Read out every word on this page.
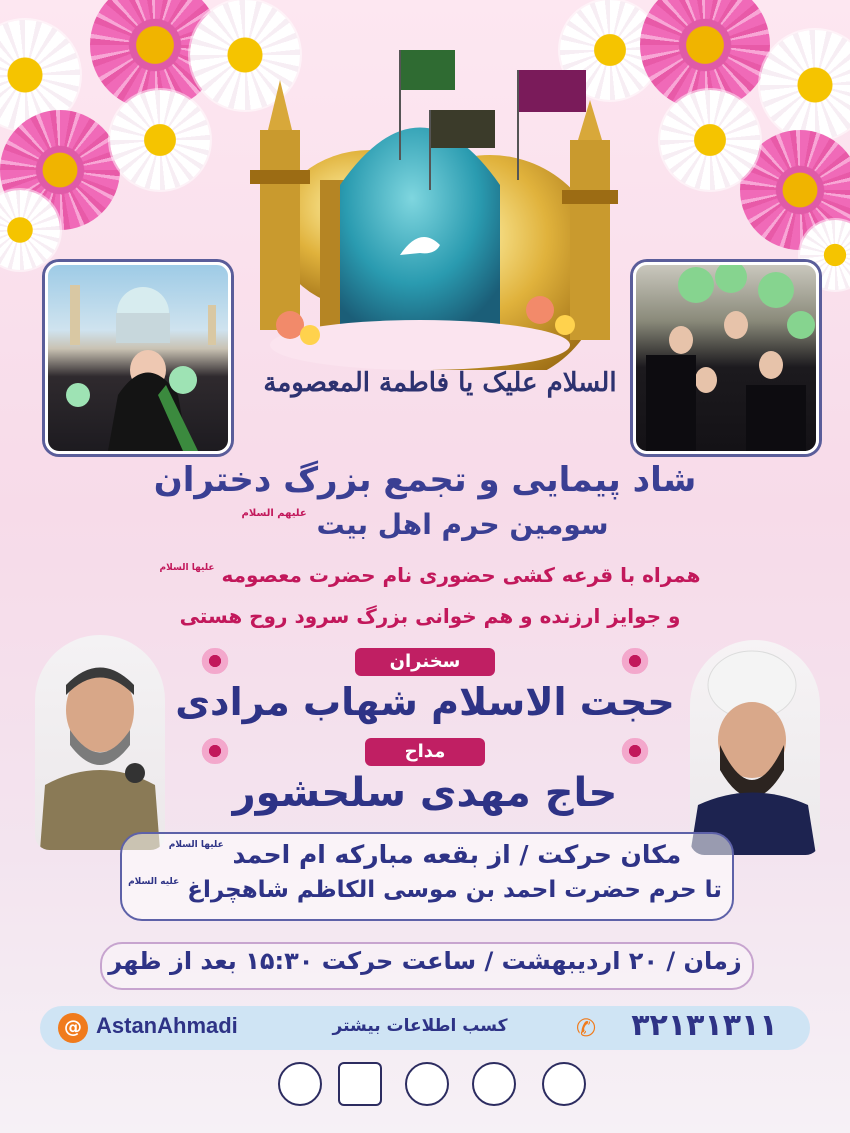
السلام علیک یا فاطمة المعصومة
شاد پیمایی و تجمع بزرگ دختران
سومین حرم اهل بیت $^{علیهم السلام}$
همراه با قرعه کشی حضوری نام حضرت معصومه $^{علیها السلام}$
و جوایز ارزنده و هم خوانی بزرگ سرود روح هستی
سخنران
حجت الاسلام شهاب مرادی
مداح
حاج مهدی سلحشور
مکان حرکت / از بقعه مبارکه ام احمد $^{علیها السلام}$
تا حرم حضرت احمد بن موسی الکاظم شاهچراغ $^{علیه السلام}$
زمان / ۲۰ اردیبهشت / ساعت حرکت ۱۵:۳۰ بعد از ظهر
@ AstanAhmadi	کسب اطلاعات بیشتر	✆	۳۲۱۳۱۳۱۱
